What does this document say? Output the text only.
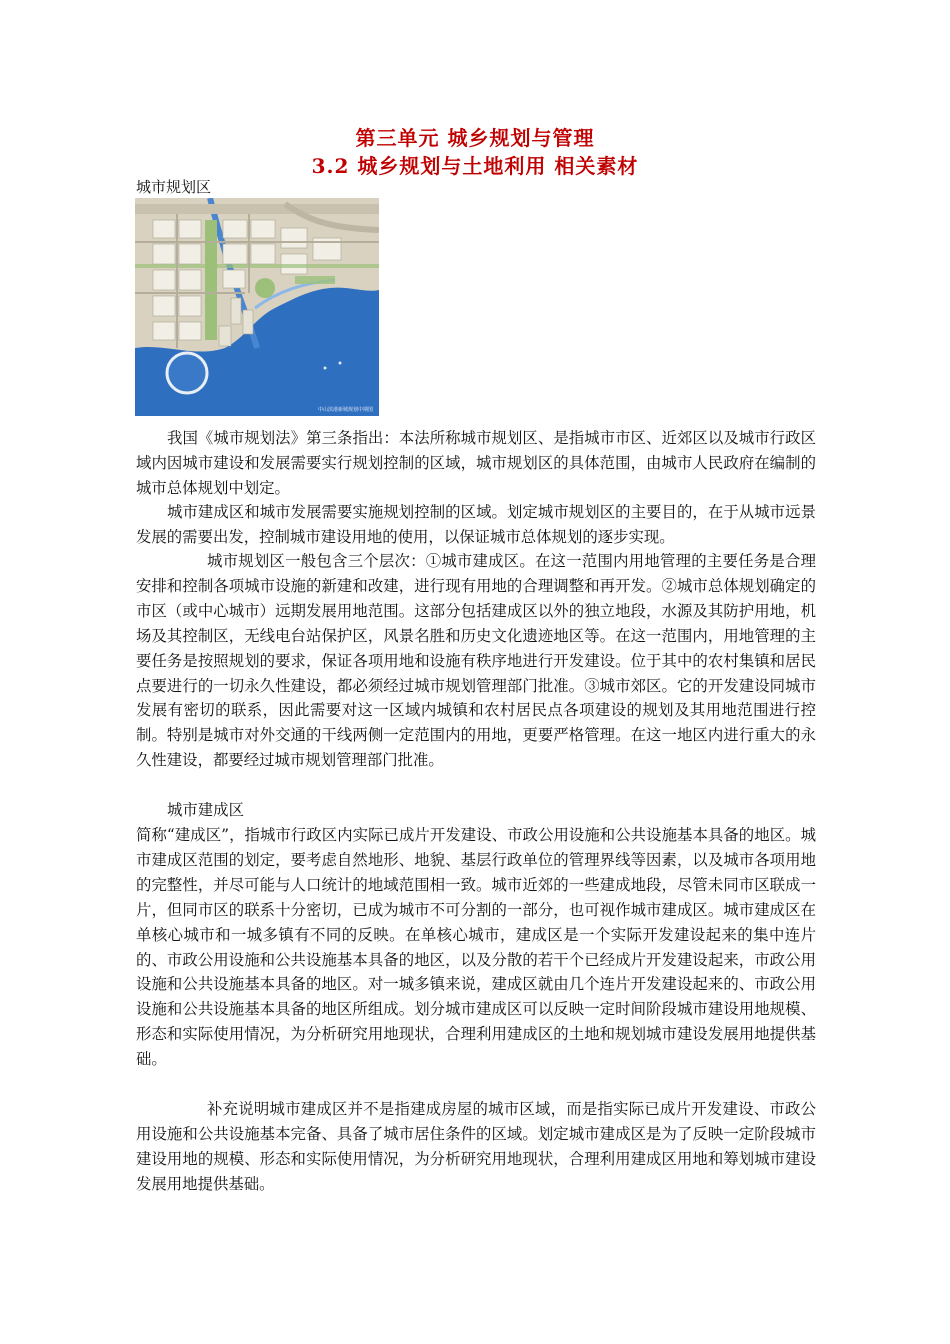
第三单元 城乡规划与管理
3.2 城乡规划与土地利用 相关素材
城市规划区
中山滨港新城规划中期图

我国《城市规划法》第三条指出：本法所称城市规划区、是指城市市区、近郊区以及城市行政区域内因城市建设和发展需要实行规划控制的区域，城市规划区的具体范围，由城市人民政府在编制的城市总体规划中划定。

城市建成区和城市发展需要实施规划控制的区域。划定城市规划区的主要目的，在于从城市远景发展的需要出发，控制城市建设用地的使用，以保证城市总体规划的逐步实现。

城市规划区一般包含三个层次：①城市建成区。在这一范围内用地管理的主要任务是合理安排和控制各项城市设施的新建和改建，进行现有用地的合理调整和再开发。②城市总体规划确定的市区（或中心城市）远期发展用地范围。这部分包括建成区以外的独立地段，水源及其防护用地，机场及其控制区，无线电台站保护区，风景名胜和历史文化遗迹地区等。在这一范围内，用地管理的主要任务是按照规划的要求，保证各项用地和设施有秩序地进行开发建设。位于其中的农村集镇和居民点要进行的一切永久性建设，都必须经过城市规划管理部门批准。③城市郊区。它的开发建设同城市发展有密切的联系，因此需要对这一区域内城镇和农村居民点各项建设的规划及其用地范围进行控制。特别是城市对外交通的干线两侧一定范围内的用地，更要严格管理。在这一地区内进行重大的永久性建设，都要经过城市规划管理部门批准。

城市建成区

简称“建成区”，指城市行政区内实际已成片开发建设、市政公用设施和公共设施基本具备的地区。城市建成区范围的划定，要考虑自然地形、地貌、基层行政单位的管理界线等因素，以及城市各项用地的完整性，并尽可能与人口统计的地域范围相一致。城市近郊的一些建成地段，尽管未同市区联成一片，但同市区的联系十分密切，已成为城市不可分割的一部分，也可视作城市建成区。城市建成区在单核心城市和一城多镇有不同的反映。在单核心城市，建成区是一个实际开发建设起来的集中连片的、市政公用设施和公共设施基本具备的地区，以及分散的若干个已经成片开发建设起来，市政公用设施和公共设施基本具备的地区。对一城多镇来说，建成区就由几个连片开发建设起来的、市政公用设施和公共设施基本具备的地区所组成。划分城市建成区可以反映一定时间阶段城市建设用地规模、形态和实际使用情况，为分析研究用地现状，合理利用建成区的土地和规划城市建设发展用地提供基础。

补充说明城市建成区并不是指建成房屋的城市区域，而是指实际已成片开发建设、市政公用设施和公共设施基本完备、具备了城市居住条件的区域。划定城市建成区是为了反映一定阶段城市建设用地的规模、形态和实际使用情况，为分析研究用地现状，合理利用建成区用地和筹划城市建设发展用地提供基础。
